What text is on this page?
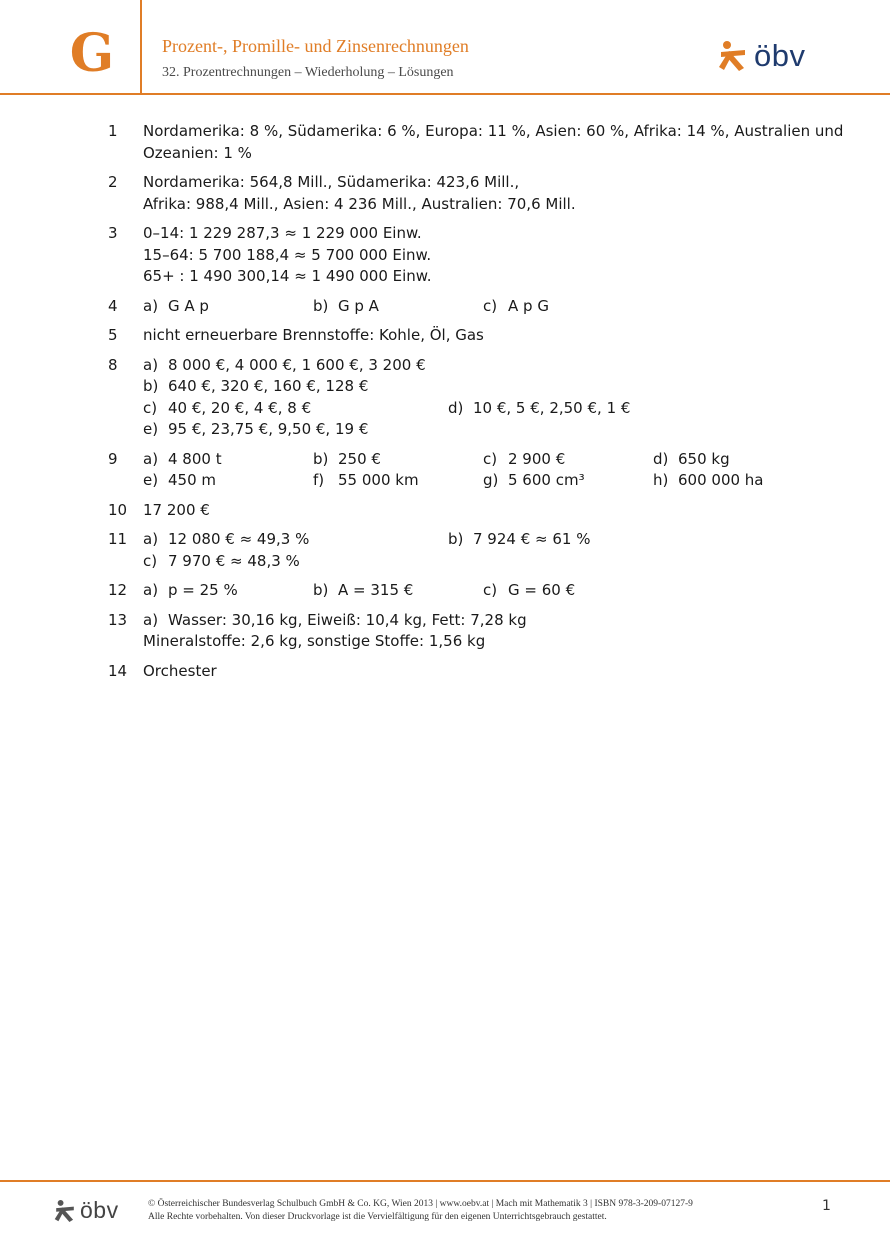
G	Prozent-, Promille- und Zinsenrechnungen
32. Prozentrechnungen – Wiederholung – Lösungen	öbv
1	Nordamerika: 8 %, Südamerika: 6 %, Europa: 11 %, Asien: 60 %, Afrika: 14 %, Australien und
Ozeanien: 1 %
2	Nordamerika: 564,8 Mill., Südamerika: 423,6 Mill.,
Afrika: 988,4 Mill., Asien: 4 236 Mill., Australien: 70,6 Mill.
3	0–14: 1 229 287,3 ≈ 1 229 000 Einw.
15–64: 5 700 188,4 ≈ 5 700 000 Einw.
65+ : 1 490 300,14 ≈ 1 490 000 Einw.
4	a) G A p	b) G p A	c) A p G
5	nicht erneuerbare Brennstoffe: Kohle, Öl, Gas
8	a) 8 000 €, 4 000 €, 1 600 €, 3 200 €
b) 640 €, 320 €, 160 €, 128 €
c) 40 €, 20 €, 4 €, 8 €	d) 10 €, 5 €, 2,50 €, 1 €
e) 95 €, 23,75 €, 9,50 €, 19 €
9	a) 4 800 t	b) 250 €	c) 2 900 €	d) 650 kg
e) 450 m	f) 55 000 km	g) 5 600 cm³	h) 600 000 ha
10	17 200 €
11	a) 12 080 € ≈ 49,3 %	b) 7 924 € ≈ 61 %
c) 7 970 € ≈ 48,3 %
12	a) p = 25 %	b) A = 315 €	c) G = 60 €
13	a) Wasser: 30,16 kg, Eiweiß: 10,4 kg, Fett: 7,28 kg
Mineralstoffe: 2,6 kg, sonstige Stoffe: 1,56 kg
14	Orchester
öbv	© Österreichischer Bundesverlag Schulbuch GmbH & Co. KG, Wien 2013 | www.oebv.at | Mach mit Mathematik 3 | ISBN 978-3-209-07127-9
Alle Rechte vorbehalten. Von dieser Druckvorlage ist die Vervielfältigung für den eigenen Unterrichtsgebrauch gestattet.
1
